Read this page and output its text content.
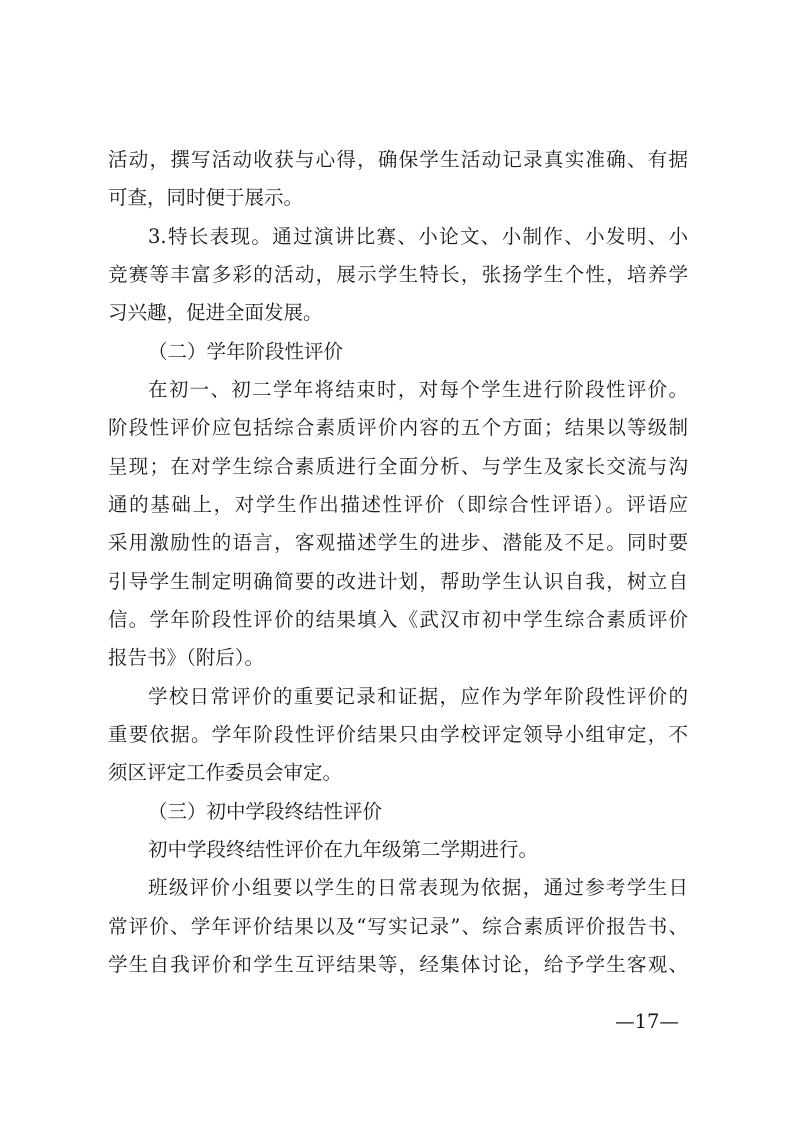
活动，撰写活动收获与心得，确保学生活动记录真实准确、有据
可查，同时便于展示。
3.特长表现。通过演讲比赛、小论文、小制作、小发明、小
竞赛等丰富多彩的活动，展示学生特长，张扬学生个性，培养学
习兴趣，促进全面发展。
（二）学年阶段性评价
在初一、初二学年将结束时，对每个学生进行阶段性评价。
阶段性评价应包括综合素质评价内容的五个方面；结果以等级制
呈现；在对学生综合素质进行全面分析、与学生及家长交流与沟
通的基础上，对学生作出描述性评价（即综合性评语）。评语应
采用激励性的语言，客观描述学生的进步、潜能及不足。同时要
引导学生制定明确简要的改进计划，帮助学生认识自我，树立自
信。学年阶段性评价的结果填入《武汉市初中学生综合素质评价
报告书》（附后）。
学校日常评价的重要记录和证据，应作为学年阶段性评价的
重要依据。学年阶段性评价结果只由学校评定领导小组审定，不
须区评定工作委员会审定。
（三）初中学段终结性评价
初中学段终结性评价在九年级第二学期进行。
班级评价小组要以学生的日常表现为依据，通过参考学生日
常评价、学年评价结果以及“写实记录”、综合素质评价报告书、
学生自我评价和学生互评结果等，经集体讨论，给予学生客观、
—17—
